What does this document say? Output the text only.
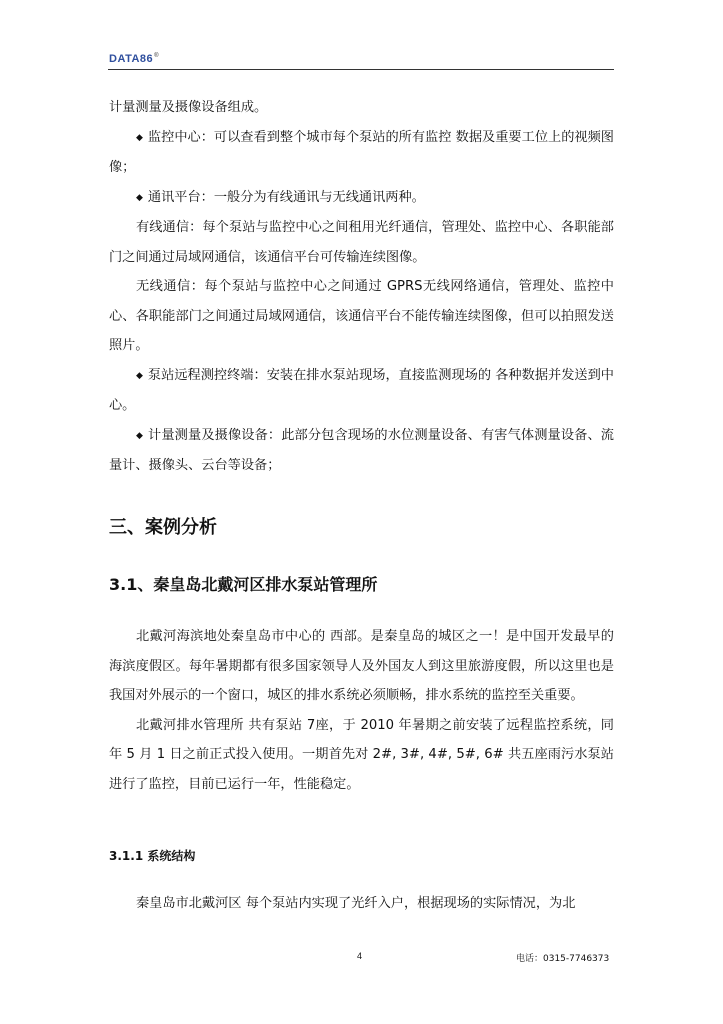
DATA86®

计量测量及摄像设备组成。

◆ 监控中心：可以查看到整个城市每个泵站的所有监控 数据及重要工位上的视频图像；

◆ 通讯平台：一般分为有线通讯与无线通讯两种。

有线通信：每个泵站与监控中心之间租用光纤通信，管理处、监控中心、各职能部门之间通过局域网通信，该通信平台可传输连续图像。

无线通信：每个泵站与监控中心之间通过 GPRS无线网络通信，管理处、监控中心、各职能部门之间通过局域网通信，该通信平台不能传输连续图像，但可以拍照发送照片。

◆ 泵站远程测控终端：安装在排水泵站现场，直接监测现场的 各种数据并发送到中心。

◆ 计量测量及摄像设备：此部分包含现场的水位测量设备、有害气体测量设备、流量计、摄像头、云台等设备；

三、案例分析
3.1、秦皇岛北戴河区排水泵站管理所

北戴河海滨地处秦皇岛市中心的 西部。是秦皇岛的城区之一！是中国开发最早的海滨度假区。每年暑期都有很多国家领导人及外国友人到这里旅游度假，所以这里也是我国对外展示的一个窗口，城区的排水系统必须顺畅，排水系统的监控至关重要。

北戴河排水管理所 共有泵站 7座，于 2010 年暑期之前安装了远程监控系统，同年 5 月 1 日之前正式投入使用。一期首先对 2#, 3#, 4#, 5#, 6# 共五座雨污水泵站进行了监控，目前已运行一年，性能稳定。

3.1.1 系统结构

秦皇岛市北戴河区 每个泵站内实现了光纤入户，根据现场的实际情况，为北

4	电话：0315-7746373
